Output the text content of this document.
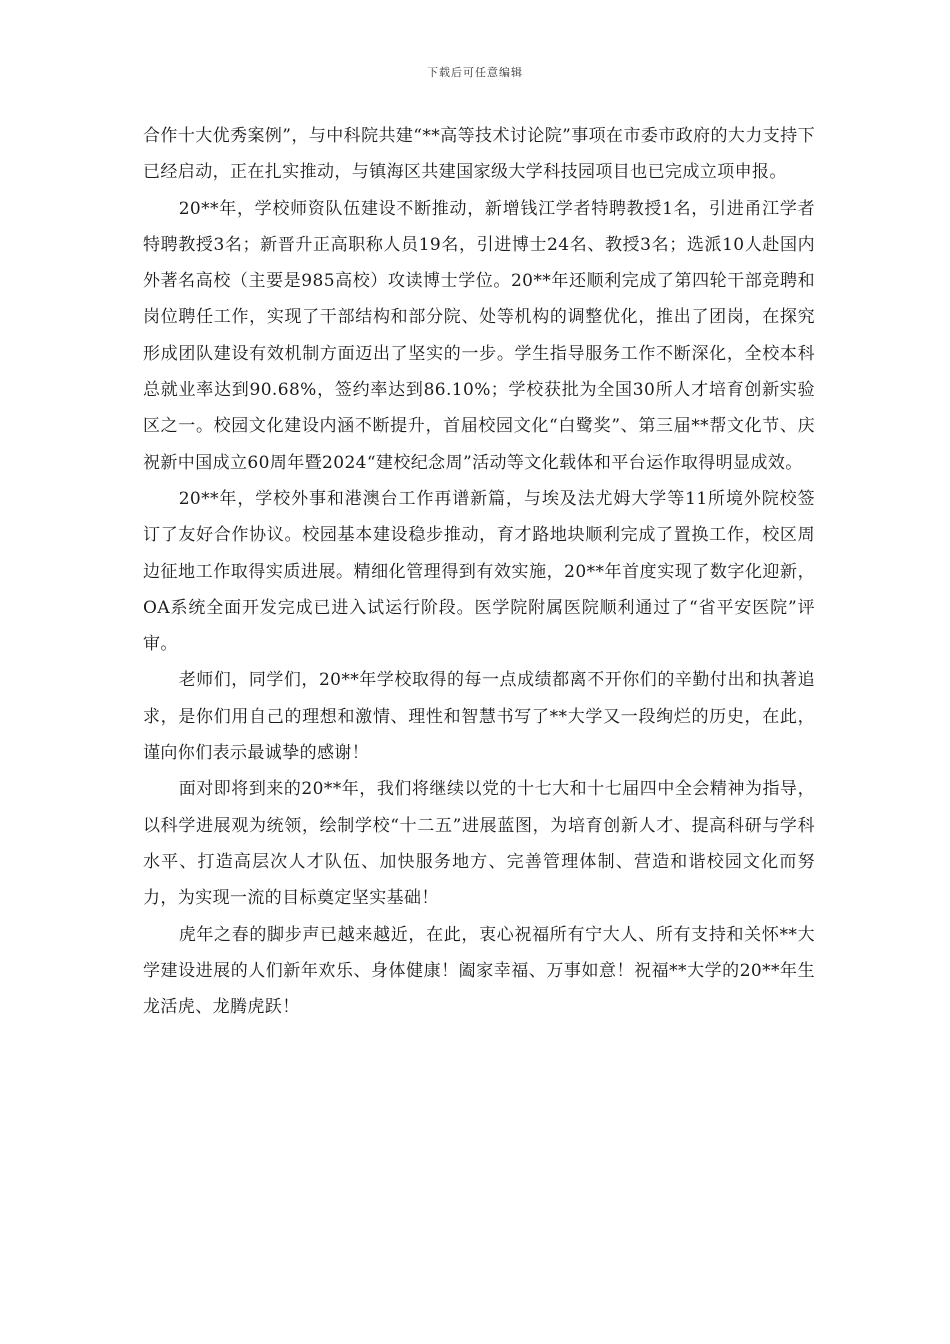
下载后可任意编辑

合作十大优秀案例”，与中科院共建“**高等技术讨论院”事项在市委市政府的大力支持下已经启动，正在扎实推动，与镇海区共建国家级大学科技园项目也已完成立项申报。

20**年，学校师资队伍建设不断推动，新增钱江学者特聘教授1名，引进甬江学者特聘教授3名；新晋升正高职称人员19名，引进博士24名、教授3名；选派10人赴国内外著名高校（主要是985高校）攻读博士学位。20**年还顺利完成了第四轮干部竞聘和岗位聘任工作，实现了干部结构和部分院、处等机构的调整优化，推出了团岗，在探究形成团队建设有效机制方面迈出了坚实的一步。学生指导服务工作不断深化，全校本科总就业率达到90.68%，签约率达到86.10%；学校获批为全国30所人才培育创新实验区之一。校园文化建设内涵不断提升，首届校园文化“白鹭奖”、第三届**帮文化节、庆祝新中国成立60周年暨2024“建校纪念周”活动等文化载体和平台运作取得明显成效。

20**年，学校外事和港澳台工作再谱新篇，与埃及法尤姆大学等11所境外院校签订了友好合作协议。校园基本建设稳步推动，育才路地块顺利完成了置换工作，校区周边征地工作取得实质进展。精细化管理得到有效实施，20**年首度实现了数字化迎新，OA系统全面开发完成已进入试运行阶段。医学院附属医院顺利通过了“省平安医院”评审。

老师们，同学们，20**年学校取得的每一点成绩都离不开你们的辛勤付出和执著追求，是你们用自己的理想和激情、理性和智慧书写了**大学又一段绚烂的历史，在此，谨向你们表示最诚挚的感谢！

面对即将到来的20**年，我们将继续以党的十七大和十七届四中全会精神为指导，以科学进展观为统领，绘制学校“十二五”进展蓝图，为培育创新人才、提高科研与学科水平、打造高层次人才队伍、加快服务地方、完善管理体制、营造和谐校园文化而努力，为实现一流的目标奠定坚实基础！

虎年之春的脚步声已越来越近，在此，衷心祝福所有宁大人、所有支持和关怀**大学建设进展的人们新年欢乐、身体健康！阖家幸福、万事如意！祝福**大学的20**年生龙活虎、龙腾虎跃！
